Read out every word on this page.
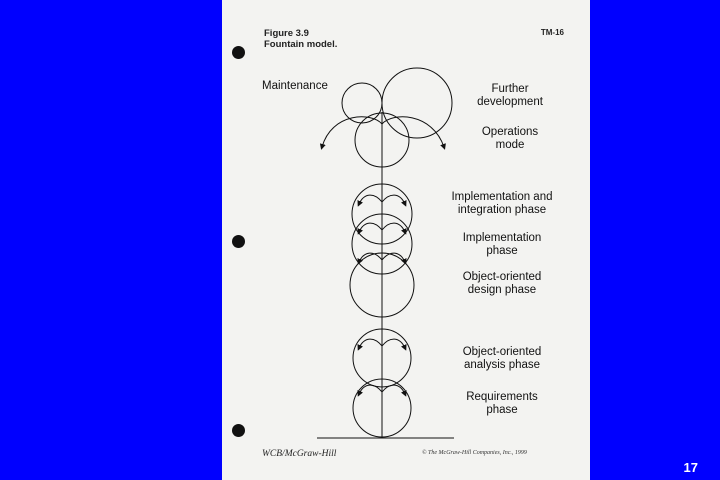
Figure 3.9
Fountain model.
TM-16
Maintenance	Further
development
Operations
mode
Implementation and
integration phase
Implementation
phase
Object-oriented
design phase
Object-oriented
analysis phase
Requirements
phase
WCB/McGraw-Hill	© The McGraw-Hill Companies, Inc., 1999
17
